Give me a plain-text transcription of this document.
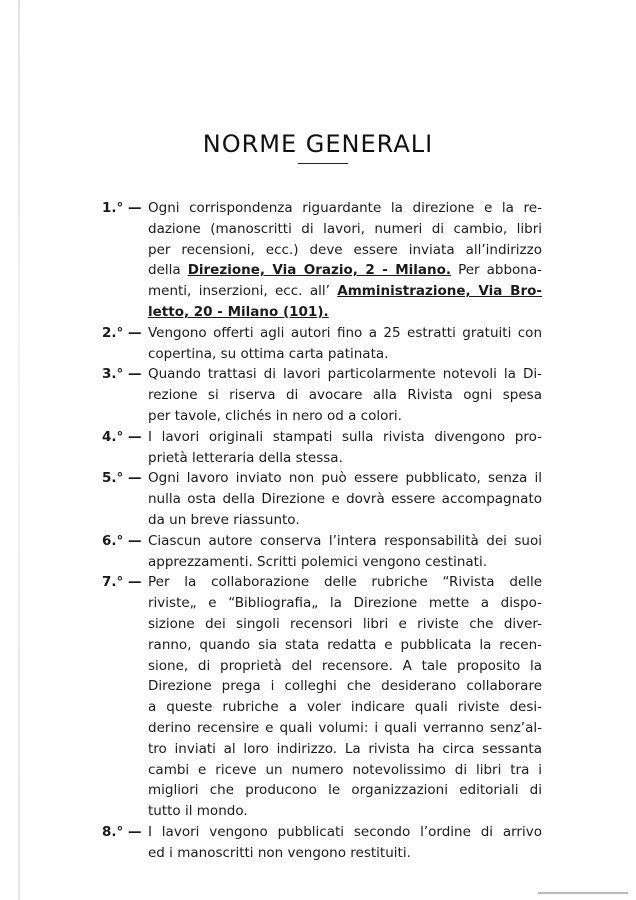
NORME GENERALI
1.° — Ogni corrispondenza riguardante la direzione e la re-
dazione (manoscritti di lavori, numeri di cambio, libri
per recensioni, ecc.) deve essere inviata all’indirizzo
della Direzione, Via Orazio, 2 - Milano. Per abbona-
menti, inserzioni, ecc. all’ Amministrazione, Via Bro-
letto, 20 - Milano (101).
2.° — Vengono offerti agli autori fino a 25 estratti gratuiti con
copertina, su ottima carta patinata.
3.° — Quando trattasi di lavori particolarmente notevoli la Di-
rezione si riserva di avocare alla Rivista ogni spesa
per tavole, clichés in nero od a colori.
4.° — I lavori originali stampati sulla rivista divengono pro-
prietà letteraria della stessa.
5.° — Ogni lavoro inviato non può essere pubblicato, senza il
nulla osta della Direzione e dovrà essere accompagnato
da un breve riassunto.
6.° — Ciascun autore conserva l’intera responsabilità dei suoi
apprezzamenti. Scritti polemici vengono cestinati.
7.° — Per la collaborazione delle rubriche “Rivista delle
riviste„ e “Bibliografia„ la Direzione mette a dispo-
sizione dei singoli recensori libri e riviste che diver-
ranno, quando sia stata redatta e pubblicata la recen-
sione, di proprietà del recensore. A tale proposito la
Direzione prega i colleghi che desiderano collaborare
a queste rubriche a voler indicare quali riviste desi-
derino recensire e quali volumi: i quali verranno senz’al-
tro inviati al loro indirizzo. La rivista ha circa sessanta
cambi e riceve un numero notevolissimo di libri tra i
migliori che producono le organizzazioni editoriali di
tutto il mondo.
8.° — I lavori vengono pubblicati secondo l’ordine di arrivo
ed i manoscritti non vengono restituiti.
